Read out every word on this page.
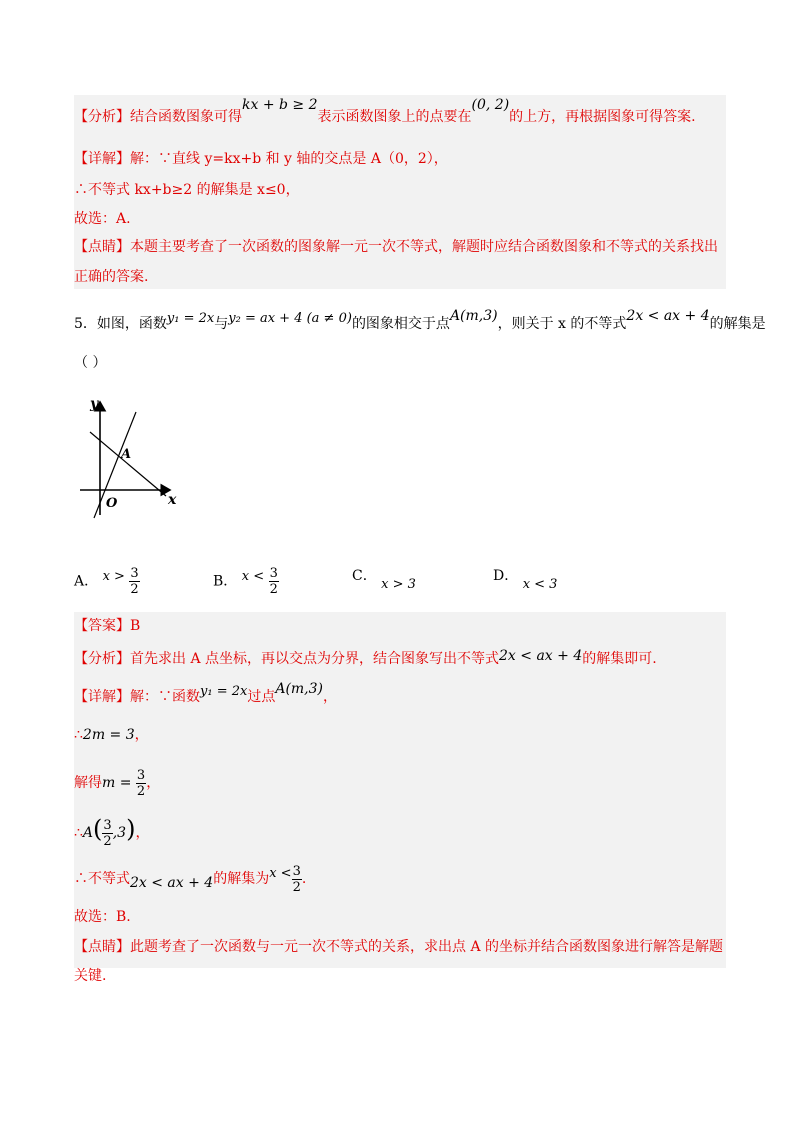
【分析】结合函数图象可得kx + b ≥ 2表示函数图象上的点要在(0, 2)的上方，再根据图象可得答案.
【详解】解：∵直线 y=kx+b 和 y 轴的交点是 A（0，2），
∴不等式 kx+b≥2 的解集是 x≤0，
故选：A.
【点睛】本题主要考查了一次函数的图象解一元一次不等式，解题时应结合函数图象和不等式的关系找出
正确的答案.
5．如图，函数y₁ = 2x与y₂ = ax + 4 (a ≠ 0)的图象相交于点A(m,3)，则关于 x 的不等式2x < ax + 4的解集是
（ ）
y
x
O
A
A． $x > \frac{3}{2}$	B． $x < \frac{3}{2}$	C． x > 3
D． x < 3
【答案】B
【分析】首先求出 A 点坐标，再以交点为分界，结合图象写出不等式2x < ax + 4的解集即可.
【详解】解：∵函数y₁ = 2x过点A(m,3)，
∴2m = 3，
解得$m = \frac{3}{2}$ ，
∴A( $\frac{3}{2} ,3$)，
∴不等式2x < ax + 4的解集为$x < \frac{3}{2}$ .
故选：B.
【点睛】此题考查了一次函数与一元一次不等式的关系，求出点 A 的坐标并结合函数图象进行解答是解题
关键.
